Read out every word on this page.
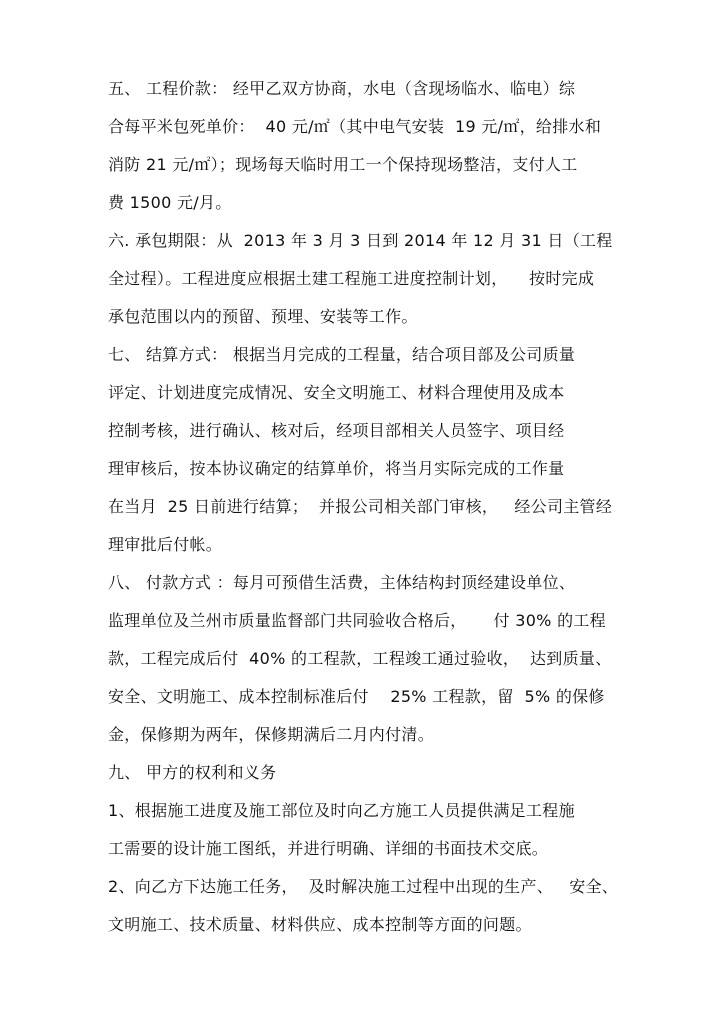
五、 工程价款： 经甲乙双方协商，水电（含现场临水、临电）综
合每平米包死单价：  40 元/㎡（其中电气安装  19 元/㎡，给排水和
消防 21 元/㎡）；现场每天临时用工一个保持现场整洁，支付人工
费 1500 元/月。
六. 承包期限：从  2013 年 3 月 3 日到 2014 年 12 月 31 日（工程
全过程）。工程进度应根据土建工程施工进度控制计划，    按时完成
承包范围以内的预留、预埋、安装等工作。
七、 结算方式： 根据当月完成的工程量，结合项目部及公司质量
评定、计划进度完成情况、安全文明施工、材料合理使用及成本
控制考核，进行确认、核对后，经项目部相关人员签字、项目经
理审核后，按本协议确定的结算单价，将当月实际完成的工作量
在当月  25 日前进行结算；  并报公司相关部门审核，   经公司主管经
理审批后付帐。
八、 付款方式 ：每月可预借生活费，主体结构封顶经建设单位、
监理单位及兰州市质量监督部门共同验收合格后，     付 30% 的工程
款，工程完成后付  40% 的工程款，工程竣工通过验收，  达到质量、
安全、文明施工、成本控制标准后付    25% 工程款，留  5% 的保修
金，保修期为两年，保修期满后二月内付清。
九、 甲方的权利和义务
1、根据施工进度及施工部位及时向乙方施工人员提供满足工程施
工需要的设计施工图纸，并进行明确、详细的书面技术交底。
2、向乙方下达施工任务，  及时解决施工过程中出现的生产、   安全、
文明施工、技术质量、材料供应、成本控制等方面的问题。
